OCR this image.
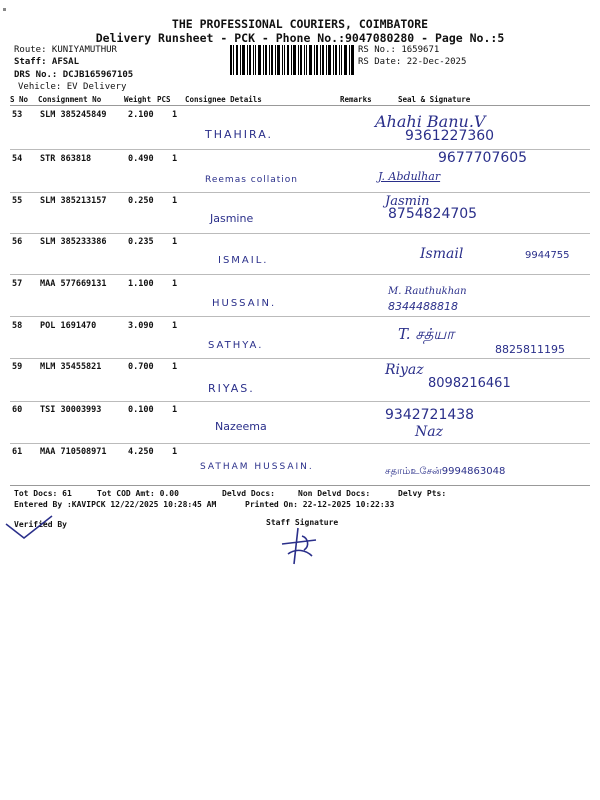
THE PROFESSIONAL COURIERS, COIMBATORE
Delivery Runsheet - PCK - Phone No.:9047080280 - Page No.:5
Route: KUNIYAMUTHUR
Staff: AFSAL
DRS No.: DCJB165967105
Vehicle: EV Delivery
RS No.: 1659671
RS Date: 22-Dec-2025
S No Consignment No	Weight PCS Consignee Details	Remarks	Seal & Signature
53 SLM 385245849	2.100 1
THAHIRA.
Ahahi Banu.V
9361227360
54 STR 863818	0.490 1
Reemas collation
9677707605
J. Abdulhar
55 SLM 385213157	0.250 1
Jasmine
Jasmin
8754824705
56 SLM 385233386	0.235 1
ISMAIL.	Ismail	9944755
57 MAA 577669131	1.100 1
HUSSAIN.
M. Rauthukhan
8344488818
58 POL 1691470	3.090 1
SATHYA.
T. சத்யா
8825811195
59 MLM 35455821	0.700 1
RIYAS.
Riyaz
8098216461
60 TSI 30003993	0.100 1
Nazeema
9342721438
Naz
61 MAA 710508971	4.250 1
SATHAM HUSSAIN.	சதாம்உசேன்9994863048
Tot Docs: 61	Tot COD Amt: 0.00	Delvd Docs:	Non Delvd Docs:	Delvy Pts:
Entered By :KAVIPCK 12/22/2025 10:28:45 AM	Printed On: 22-12-2025 10:22:33
Verified By	Staff Signature
